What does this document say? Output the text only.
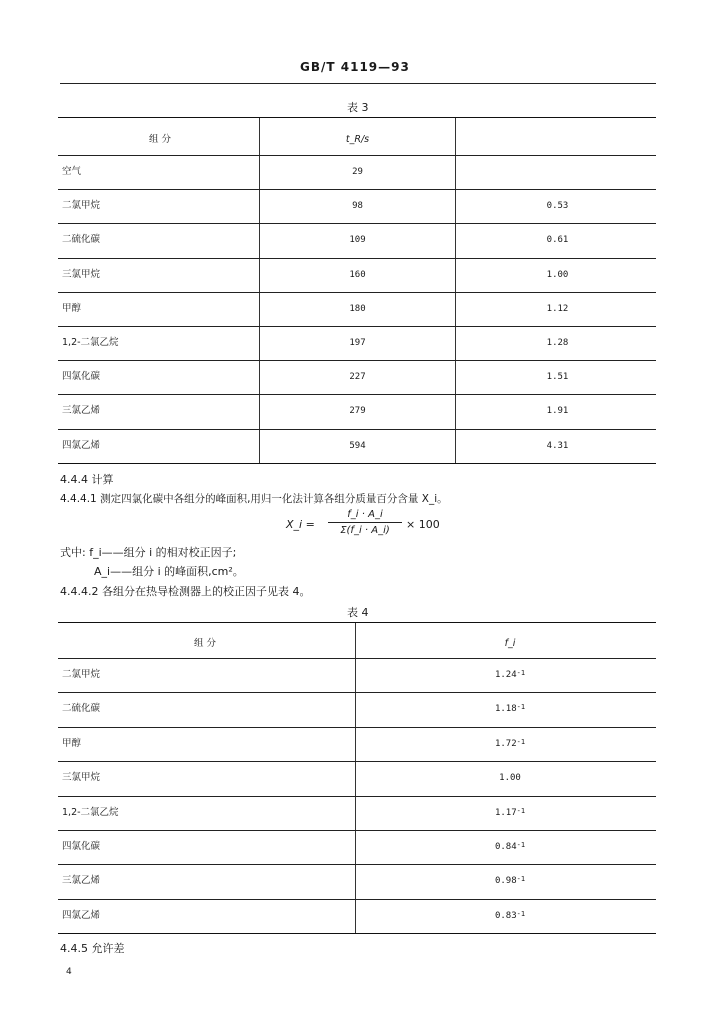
GB/T 4119—93
表 3
组 分	t_R/s
空气	29
二氯甲烷	98	0.53
二硫化碳	109	0.61
三氯甲烷	160	1.00
甲醇	180	1.12
1,2-二氯乙烷	197	1.28
四氯化碳	227	1.51
三氯乙烯	279	1.91
四氯乙烯	594	4.31
4.4.4 计算
4.4.4.1 测定四氯化碳中各组分的峰面积,用归一化法计算各组分质量百分含量 X_i。
X_i =
f_i · A_i
Σ(f_i · A_i)	× 100
式中: f_i——组分 i 的相对校正因子;
A_i——组分 i 的峰面积,cm²。
4.4.4.2 各组分在热导检测器上的校正因子见表 4。
表 4
组 分	f_i
二氯甲烷	$1.24^{-1}$
二硫化碳	$1.18^{-1}$
甲醇	$1.72^{-1}$
三氯甲烷	1.00
1,2-二氯乙烷	$1.17^{-1}$
四氯化碳	$0.84^{-1}$
三氯乙烯	$0.98^{-1}$
四氯乙烯	$0.83^{-1}$
4.4.5 允许差
4
